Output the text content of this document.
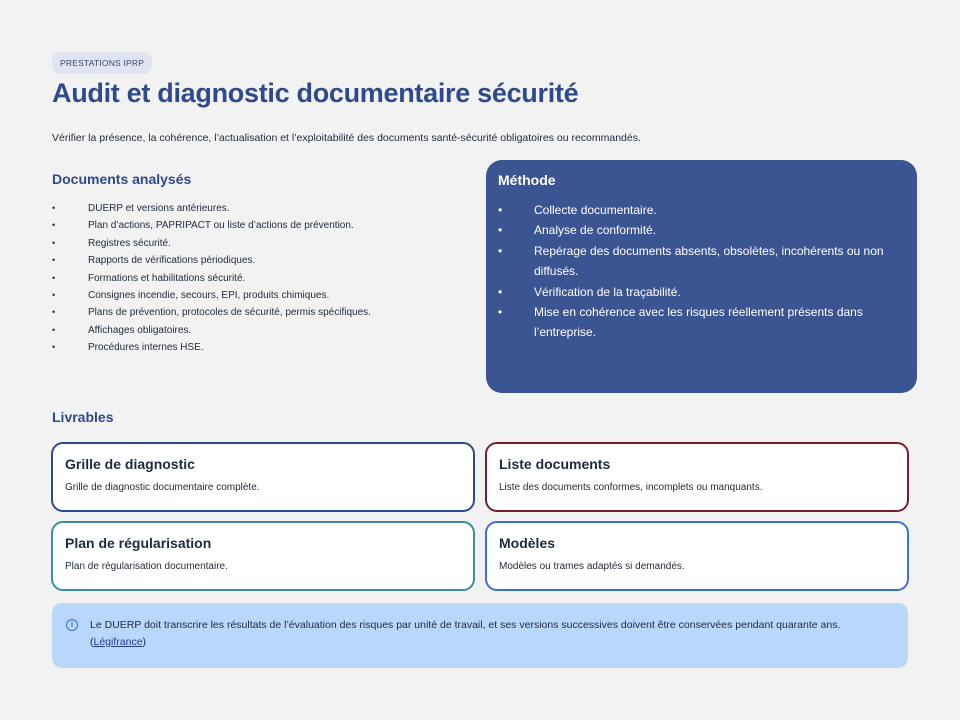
PRESTATIONS IPRP
Audit et diagnostic documentaire sécurité

Vérifier la présence, la cohérence, l’actualisation et l’exploitabilité des documents santé-sécurité obligatoires ou recommandés.

Documents analysés
• DUERP et versions antérieures.
• Plan d’actions, PAPRIPACT ou liste d’actions de prévention.
• Registres sécurité.
• Rapports de vérifications périodiques.
• Formations et habilitations sécurité.
• Consignes incendie, secours, EPI, produits chimiques.
• Plans de prévention, protocoles de sécurité, permis spécifiques.
• Affichages obligatoires.
• Procédures internes HSE.
Méthode
• Collecte documentaire.
• Analyse de conformité.
• Repérage des documents absents, obsolètes, incohérents ou non diffusés.
• Vérification de la traçabilité.
• Mise en cohérence avec les risques réellement présents dans l’entreprise.
Livrables
Grille de diagnostic

Grille de diagnostic documentaire complète.

Liste documents

Liste des documents conformes, incomplets ou manquants.

Plan de régularisation

Plan de régularisation documentaire.

Modèles

Modèles ou trames adaptés si demandés.

i	Le DUERP doit transcrire les résultats de l’évaluation des risques par unité de travail, et ses versions successives doivent être conservées pendant quarante ans.
(Légifrance)
